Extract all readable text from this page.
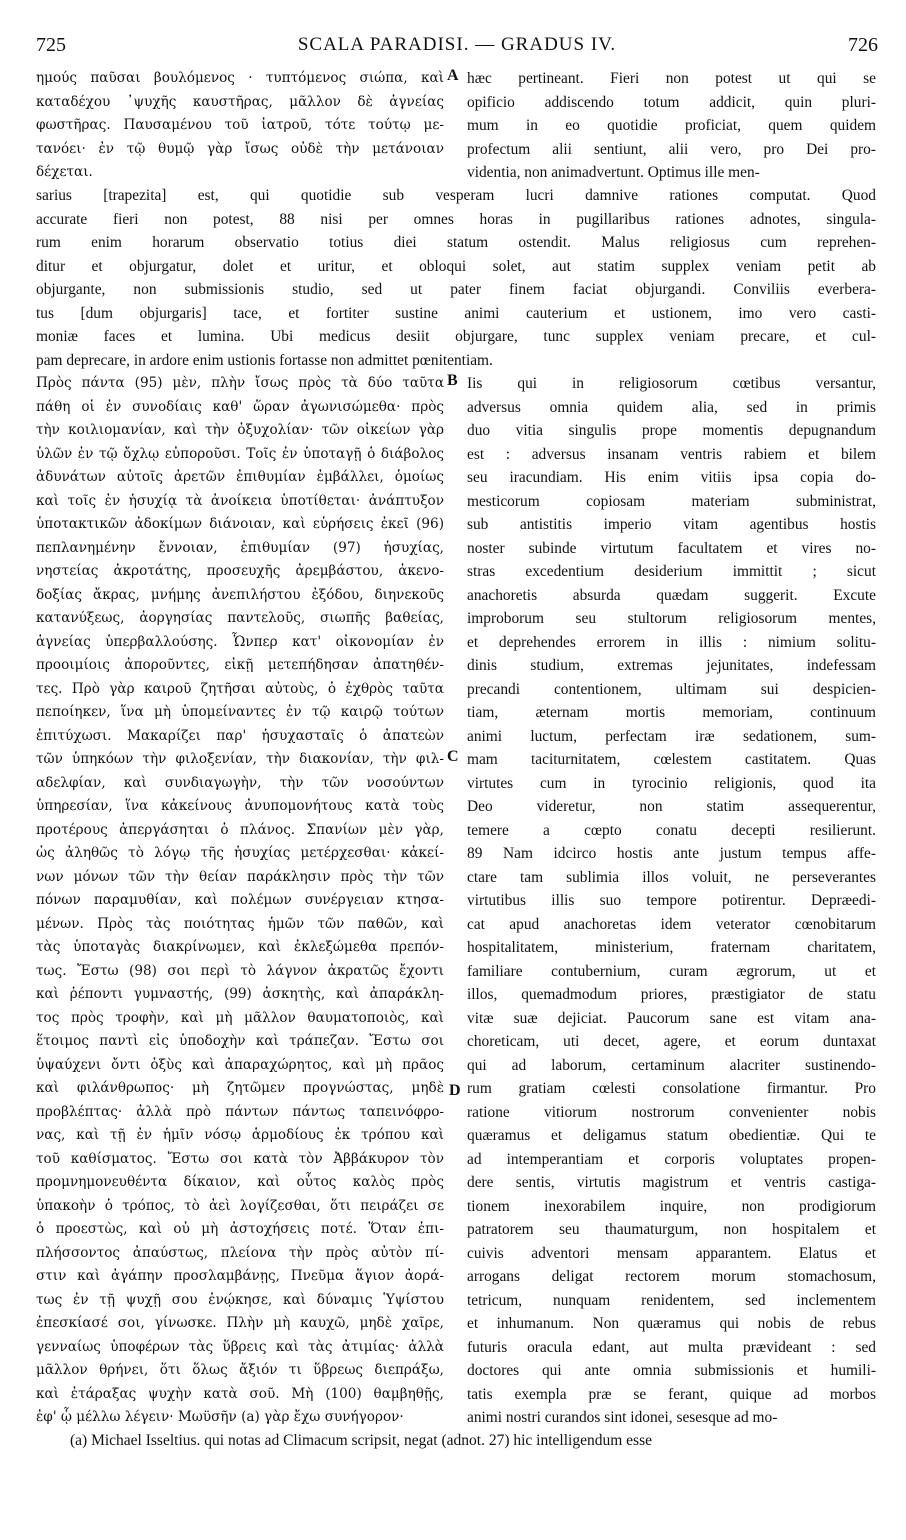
725	SCALA PARADISI. — GRADUS IV.	726
ημούς παῦσαι βουλόμενος · τυπτόμενος σιώπα, καὶ
καταδέχου ᾿ψυχῆς καυστῆρας, μᾶλλον δὲ ἁγνείας
φωστῆρας. Παυσαμένου τοῦ ἰατροῦ, τότε τούτῳ με-
τανόει· ἐν τῷ θυμῷ γὰρ ἴσως οὐδὲ τὴν μετάνοιαν
δέχεται.
hæc pertineant. Fieri non potest ut qui se
opificio addiscendo totum addicit, quin pluri-
mum in eo quotidie proficiat, quem quidem
profectum alii sentiunt, alii vero, pro Dei pro-
videntia, non animadvertunt. Optimus ille men-
sarius [trapezita] est, qui quotidie sub vesperam lucri damnive rationes computat. Quod
accurate fieri non potest, 88 nisi per omnes horas in pugillaribus rationes adnotes, singula-
rum enim horarum observatio totius diei statum ostendit. Malus religiosus cum reprehen-
ditur et objurgatur, dolet et uritur, et obloqui solet, aut statim supplex veniam petit ab
objurgante, non submissionis studio, sed ut pater finem faciat objurgandi. Conviliis everbera-
tus [dum objurgaris] tace, et fortiter sustine animi cauterium et ustionem, imo vero casti-
moniæ faces et lumina. Ubi medicus desiit objurgare, tunc supplex veniam precare, et cul-
pam deprecare, in ardore enim ustionis fortasse non admittet pœnitentiam.
Πρὸς πάντα (95) μὲν, πλὴν ἴσως πρὸς τὰ δύο ταῦτα
πάθη οἱ ἐν συνοδίαις καθ' ὥραν ἀγωνισώμεθα· πρὸς
τὴν κοιλιομανίαν, καὶ τὴν ὀξυχολίαν· τῶν οἰκείων γὰρ
ὑλῶν ἐν τῷ ὄχλῳ εὐποροῦσι. Τοῖς ἐν ὑποταγῇ ὁ διάβολος
ἀδυνάτων αὐτοῖς ἀρετῶν ἐπιθυμίαν ἐμβάλλει, ὁμοίως
καὶ τοῖς ἐν ἡσυχίᾳ τὰ ἀνοίκεια ὑποτίθεται· ἀνάπτυξον
ὑποτακτικῶν ἀδοκίμων διάνοιαν, καὶ εὑρήσεις ἐκεῖ (96)
πεπλανημένην ἔννοιαν, ἐπιθυμίαν (97) ἡσυχίας,
νηστείας ἀκροτάτης, προσευχῆς ἀρεμβάστου, ἀκενο-
δοξίας ἄκρας, μνήμης ἀνεπιλήστου ἐξόδου, διηνεκοῦς
κατανύξεως, ἀοργησίας παντελοῦς, σιωπῆς βαθείας,
ἁγνείας ὑπερβαλλούσης. Ὧνπερ κατ' οἰκονομίαν ἐν
προοιμίοις ἀποροῦντες, εἰκῇ μετεπήδησαν ἀπατηθέν-
τες. Πρὸ γὰρ καιροῦ ζητῆσαι αὐτοὺς, ὁ ἐχθρὸς ταῦτα
πεποίηκεν, ἵνα μὴ ὑπομείναντες ἐν τῷ καιρῷ τούτων
ἐπιτύχωσι. Μακαρίζει παρ' ἡσυχασταῖς ὁ ἀπατεὼν
τῶν ὑπηκόων τὴν φιλοξενίαν, τὴν διακονίαν, τὴν φιλ-
αδελφίαν, καὶ συνδιαγωγὴν, τὴν τῶν νοσούντων
ὑπηρεσίαν, ἵνα κἀκείνους ἀνυπομονήτους κατὰ τοὺς
προτέρους ἀπεργάσηται ὁ πλάνος. Σπανίων μὲν γὰρ,
ὡς ἀληθῶς τὸ λόγῳ τῆς ἡσυχίας μετέρχεσθαι· κἀκεί-
νων μόνων τῶν τὴν θείαν παράκλησιν πρὸς τὴν τῶν
πόνων παραμυθίαν, καὶ πολέμων συνέργειαν κτησα-
μένων. Πρὸς τὰς ποιότητας ἡμῶν τῶν παθῶν, καὶ
τὰς ὑποταγὰς διακρίνωμεν, καὶ ἐκλεξώμεθα πρεπόν-
τως. Ἔστω (98) σοι περὶ τὸ λάγνον ἀκρατῶς ἔχοντι
καὶ ῥέποντι γυμναστής, (99) ἀσκητὴς, καὶ ἀπαράκλη-
τος πρὸς τροφὴν, καὶ μὴ μᾶλλον θαυματοποιὸς, καὶ
ἕτοιμος παντὶ εἰς ὑποδοχὴν καὶ τράπεζαν. Ἔστω σοι
ὑψαύχενι ὄντι ὀξὺς καὶ ἀπαραχώρητος, καὶ μὴ πρᾶος
καὶ φιλάνθρωπος· μὴ ζητῶμεν προγνώστας, μηδὲ
προβλέπτας· ἀλλὰ πρὸ πάντων πάντως ταπεινόφρο-
νας, καὶ τῇ ἐν ἡμῖν νόσῳ ἁρμοδίους ἐκ τρόπου καὶ
τοῦ καθίσματος. Ἔστω σοι κατὰ τὸν Ἀββάκυρον τὸν
προμνημονευθέντα δίκαιον, καὶ οὗτος καλὸς πρὸς
ὑπακοὴν ὁ τρόπος, τὸ ἀεὶ λογίζεσθαι, ὅτι πειράζει σε
ὁ προεστὼς, καὶ οὐ μὴ ἀστοχήσεις ποτέ. Ὅταν ἐπι-
πλήσσοντος ἀπαύστως, πλείονα τὴν πρὸς αὐτὸν πί-
στιν καὶ ἀγάπην προσλαμβάνῃς, Πνεῦμα ἅγιον ἀορά-
τως ἐν τῇ ψυχῇ σου ἐνῴκησε, καὶ δύναμις Ὑψίστου
ἐπεσκίασέ σοι, γίνωσκε. Πλὴν μὴ καυχῶ, μηδὲ χαῖρε,
γενναίως ὑποφέρων τὰς ὕβρεις καὶ τὰς ἀτιμίας· ἀλλὰ
μᾶλλον θρήνει, ὅτι ὅλως ἄξιόν τι ὕβρεως διεπράξω,
καὶ ἐτάραξας ψυχὴν κατὰ σοῦ. Μὴ (100) θαμβηθῇς,
ἐφ' ᾧ μέλλω λέγειν· Μωϋσῆν (a) γὰρ ἔχω συνήγορον·
Iis qui in religiosorum cœtibus versantur,
adversus omnia quidem alia, sed in primis
duo vitia singulis prope momentis depugnandum
est : adversus insanam ventris rabiem et bilem
seu iracundiam. His enim vitiis ipsa copia do-
mesticorum copiosam materiam subministrat,
sub antistitis imperio vitam agentibus hostis
noster subinde virtutum facultatem et vires no-
stras excedentium desiderium immittit ; sicut
anachoretis absurda quædam suggerit. Excute
improborum seu stultorum religiosorum mentes,
et deprehendes errorem in illis : nimium solitu-
dinis studium, extremas jejunitates, indefessam
precandi contentionem, ultimam sui despicien-
tiam, æternam mortis memoriam, continuum
animi luctum, perfectam iræ sedationem, sum-
mam taciturnitatem, cœlestem castitatem. Quas
virtutes cum in tyrocinio religionis, quod ita
Deo videretur, non statim assequerentur,
temere a cœpto conatu decepti resilierunt.
89 Nam idcirco hostis ante justum tempus affe-
ctare tam sublimia illos voluit, ne perseverantes
virtutibus illis suo tempore potirentur. Depræedi-
cat apud anachoretas idem veterator cœnobitarum
hospitalitatem, ministerium, fraternam charitatem,
familiare contubernium, curam ægrorum, ut et
illos, quemadmodum priores, præstigiator de statu
vitæ suæ dejiciat. Paucorum sane est vitam ana-
choreticam, uti decet, agere, et eorum duntaxat
qui ad laborum, certaminum alacriter sustinendo-
rum gratiam cœlesti consolatione firmantur. Pro
ratione vitiorum nostrorum convenienter nobis
quæramus et deligamus statum obedientiæ. Qui te
ad intemperantiam et corporis voluptates propen-
dere sentis, virtutis magistrum et ventris castiga-
tionem inexorabilem inquire, non prodigiorum
patratorem seu thaumaturgum, non hospitalem et
cuivis adventori mensam apparantem. Elatus et
arrogans deligat rectorem morum stomachosum,
tetricum, nunquam renidentem, sed inclementem
et inhumanum. Non quæramus qui nobis de rebus
futuris oracula edant, aut multa prævideant : sed
doctores qui ante omnia submissionis et humili-
tatis exempla præ se ferant, quique ad morbos
animi nostri curandos sint idonei, sesesque ad mo-
A
B
C
D
(a) Michael Isseltius. qui notas ad Climacum scripsit, negat (adnot. 27) hic intelligendum esse
